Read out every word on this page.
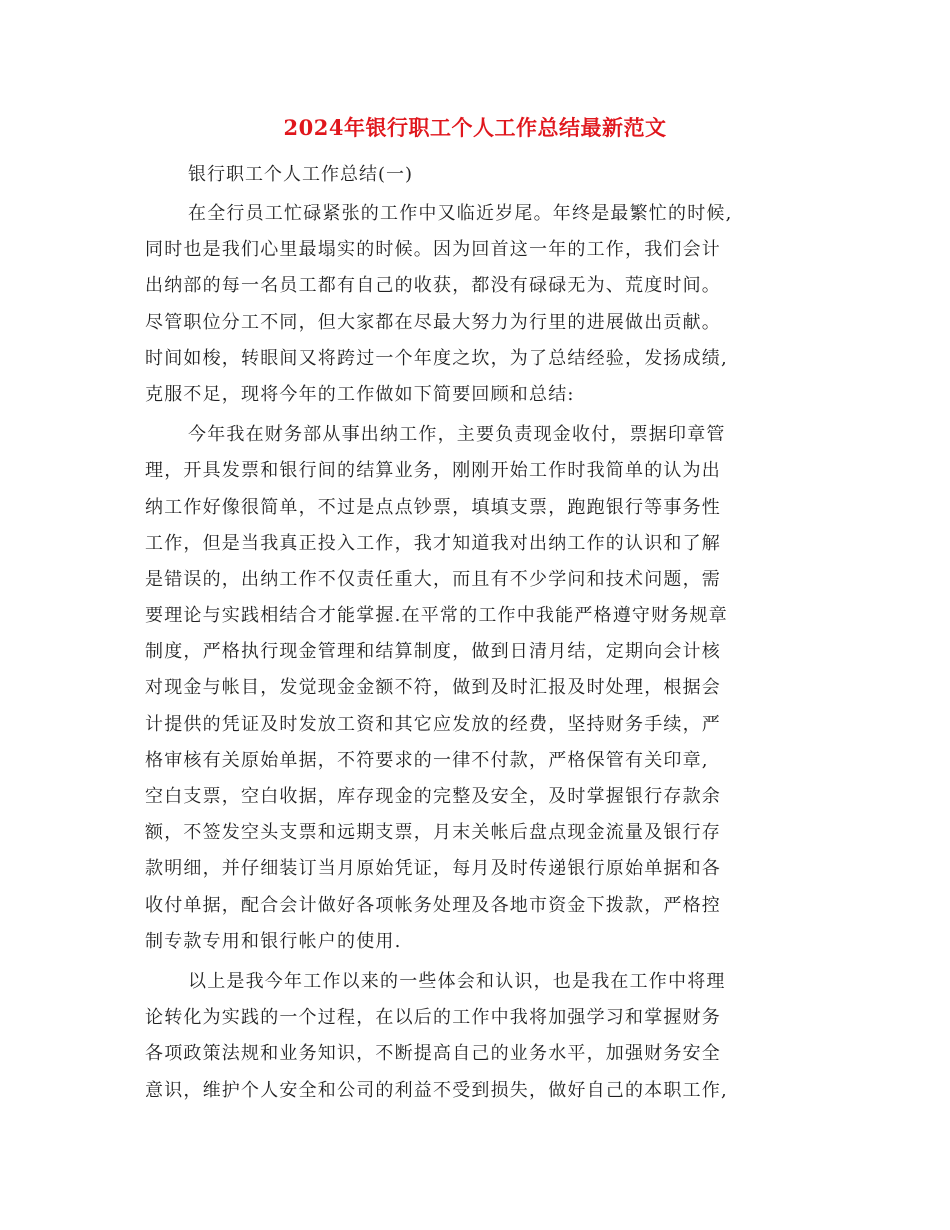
2024年银行职工个人工作总结最新范文
银行职工个人工作总结(一)
在全行员工忙碌紧张的工作中又临近岁尾。年终是最繁忙的时候,
同时也是我们心里最塌实的时候。因为回首这一年的工作，我们会计
出纳部的每一名员工都有自己的收获，都没有碌碌无为、荒度时间。
尽管职位分工不同，但大家都在尽最大努力为行里的进展做出贡献。
时间如梭，转眼间又将跨过一个年度之坎，为了总结经验，发扬成绩,
克服不足，现将今年的工作做如下简要回顾和总结:
今年我在财务部从事出纳工作，主要负责现金收付，票据印章管
理，开具发票和银行间的结算业务，刚刚开始工作时我简单的认为出
纳工作好像很简单，不过是点点钞票，填填支票，跑跑银行等事务性
工作，但是当我真正投入工作，我才知道我对出纳工作的认识和了解
是错误的，出纳工作不仅责任重大，而且有不少学问和技术问题，需
要理论与实践相结合才能掌握.在平常的工作中我能严格遵守财务规章
制度，严格执行现金管理和结算制度，做到日清月结，定期向会计核
对现金与帐目，发觉现金金额不符，做到及时汇报及时处理，根据会
计提供的凭证及时发放工资和其它应发放的经费，坚持财务手续，严
格审核有关原始单据，不符要求的一律不付款，严格保管有关印章,
空白支票，空白收据，库存现金的完整及安全，及时掌握银行存款余
额，不签发空头支票和远期支票，月末关帐后盘点现金流量及银行存
款明细，并仔细装订当月原始凭证，每月及时传递银行原始单据和各
收付单据，配合会计做好各项帐务处理及各地市资金下拨款，严格控
制专款专用和银行帐户的使用.
以上是我今年工作以来的一些体会和认识，也是我在工作中将理
论转化为实践的一个过程，在以后的工作中我将加强学习和掌握财务
各项政策法规和业务知识，不断提高自己的业务水平，加强财务安全
意识，维护个人安全和公司的利益不受到损失，做好自己的本职工作,
